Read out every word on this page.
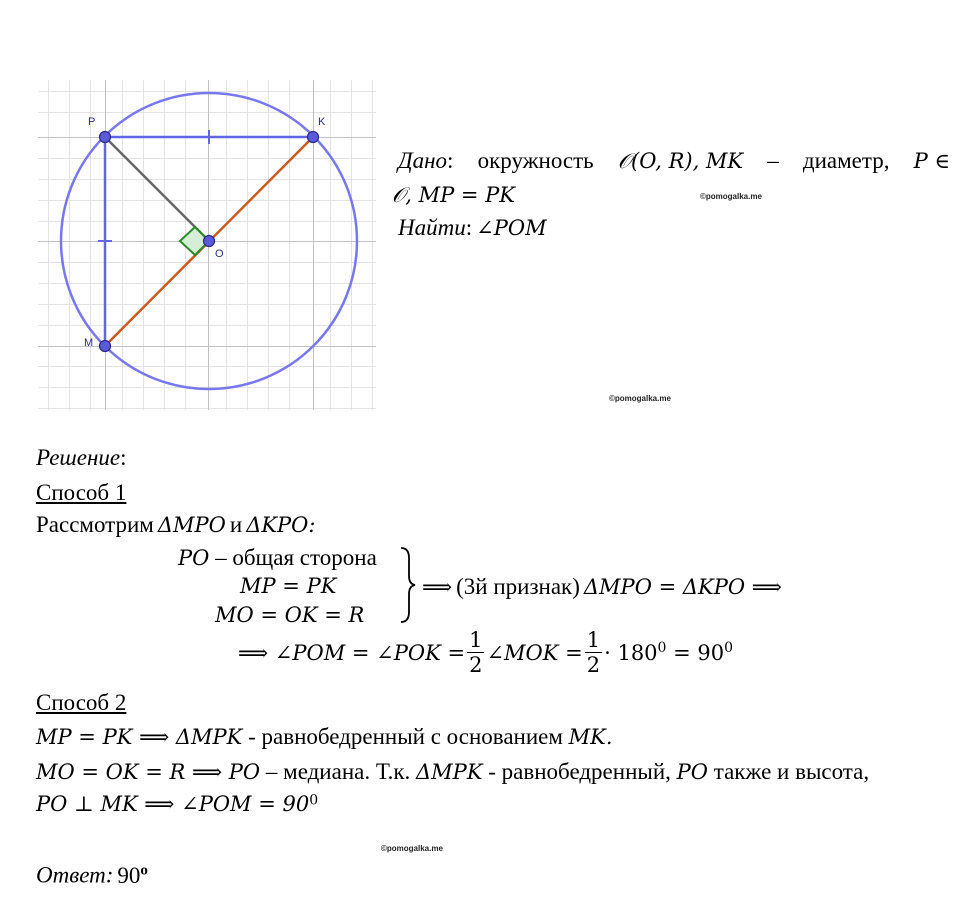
P	K
M
O
Дано: окружность 𝒪(O, R), MK – диаметр, P ∈
𝒪, MP = PK
Найти: ∠POM
©pomogalka.me
©pomogalka.me
Решение:
Способ 1
Рассмотрим ΔMPO и ΔKPO:
PO – общая сторона
MP = PK
MO = OK = R
⟹ (3й признак) ΔMPO = ΔKPO ⟹
⟹ ∠POM = ∠POK = $\frac{1}{2}$ ∠MOK = $\frac{1}{2} \cdot 180^0 = 90^0$
Способ 2
MP = PK ⟹ ΔMPK - равнобедренный с основанием MK.
MO = OK = R ⟹ PO – медиана. Т.к. ΔMPK - равнобедренный, PO также и высота,
PO ⊥ MK ⟹ ∠POM = $90^0$
©pomogalka.me
Ответ: 90$^o$
